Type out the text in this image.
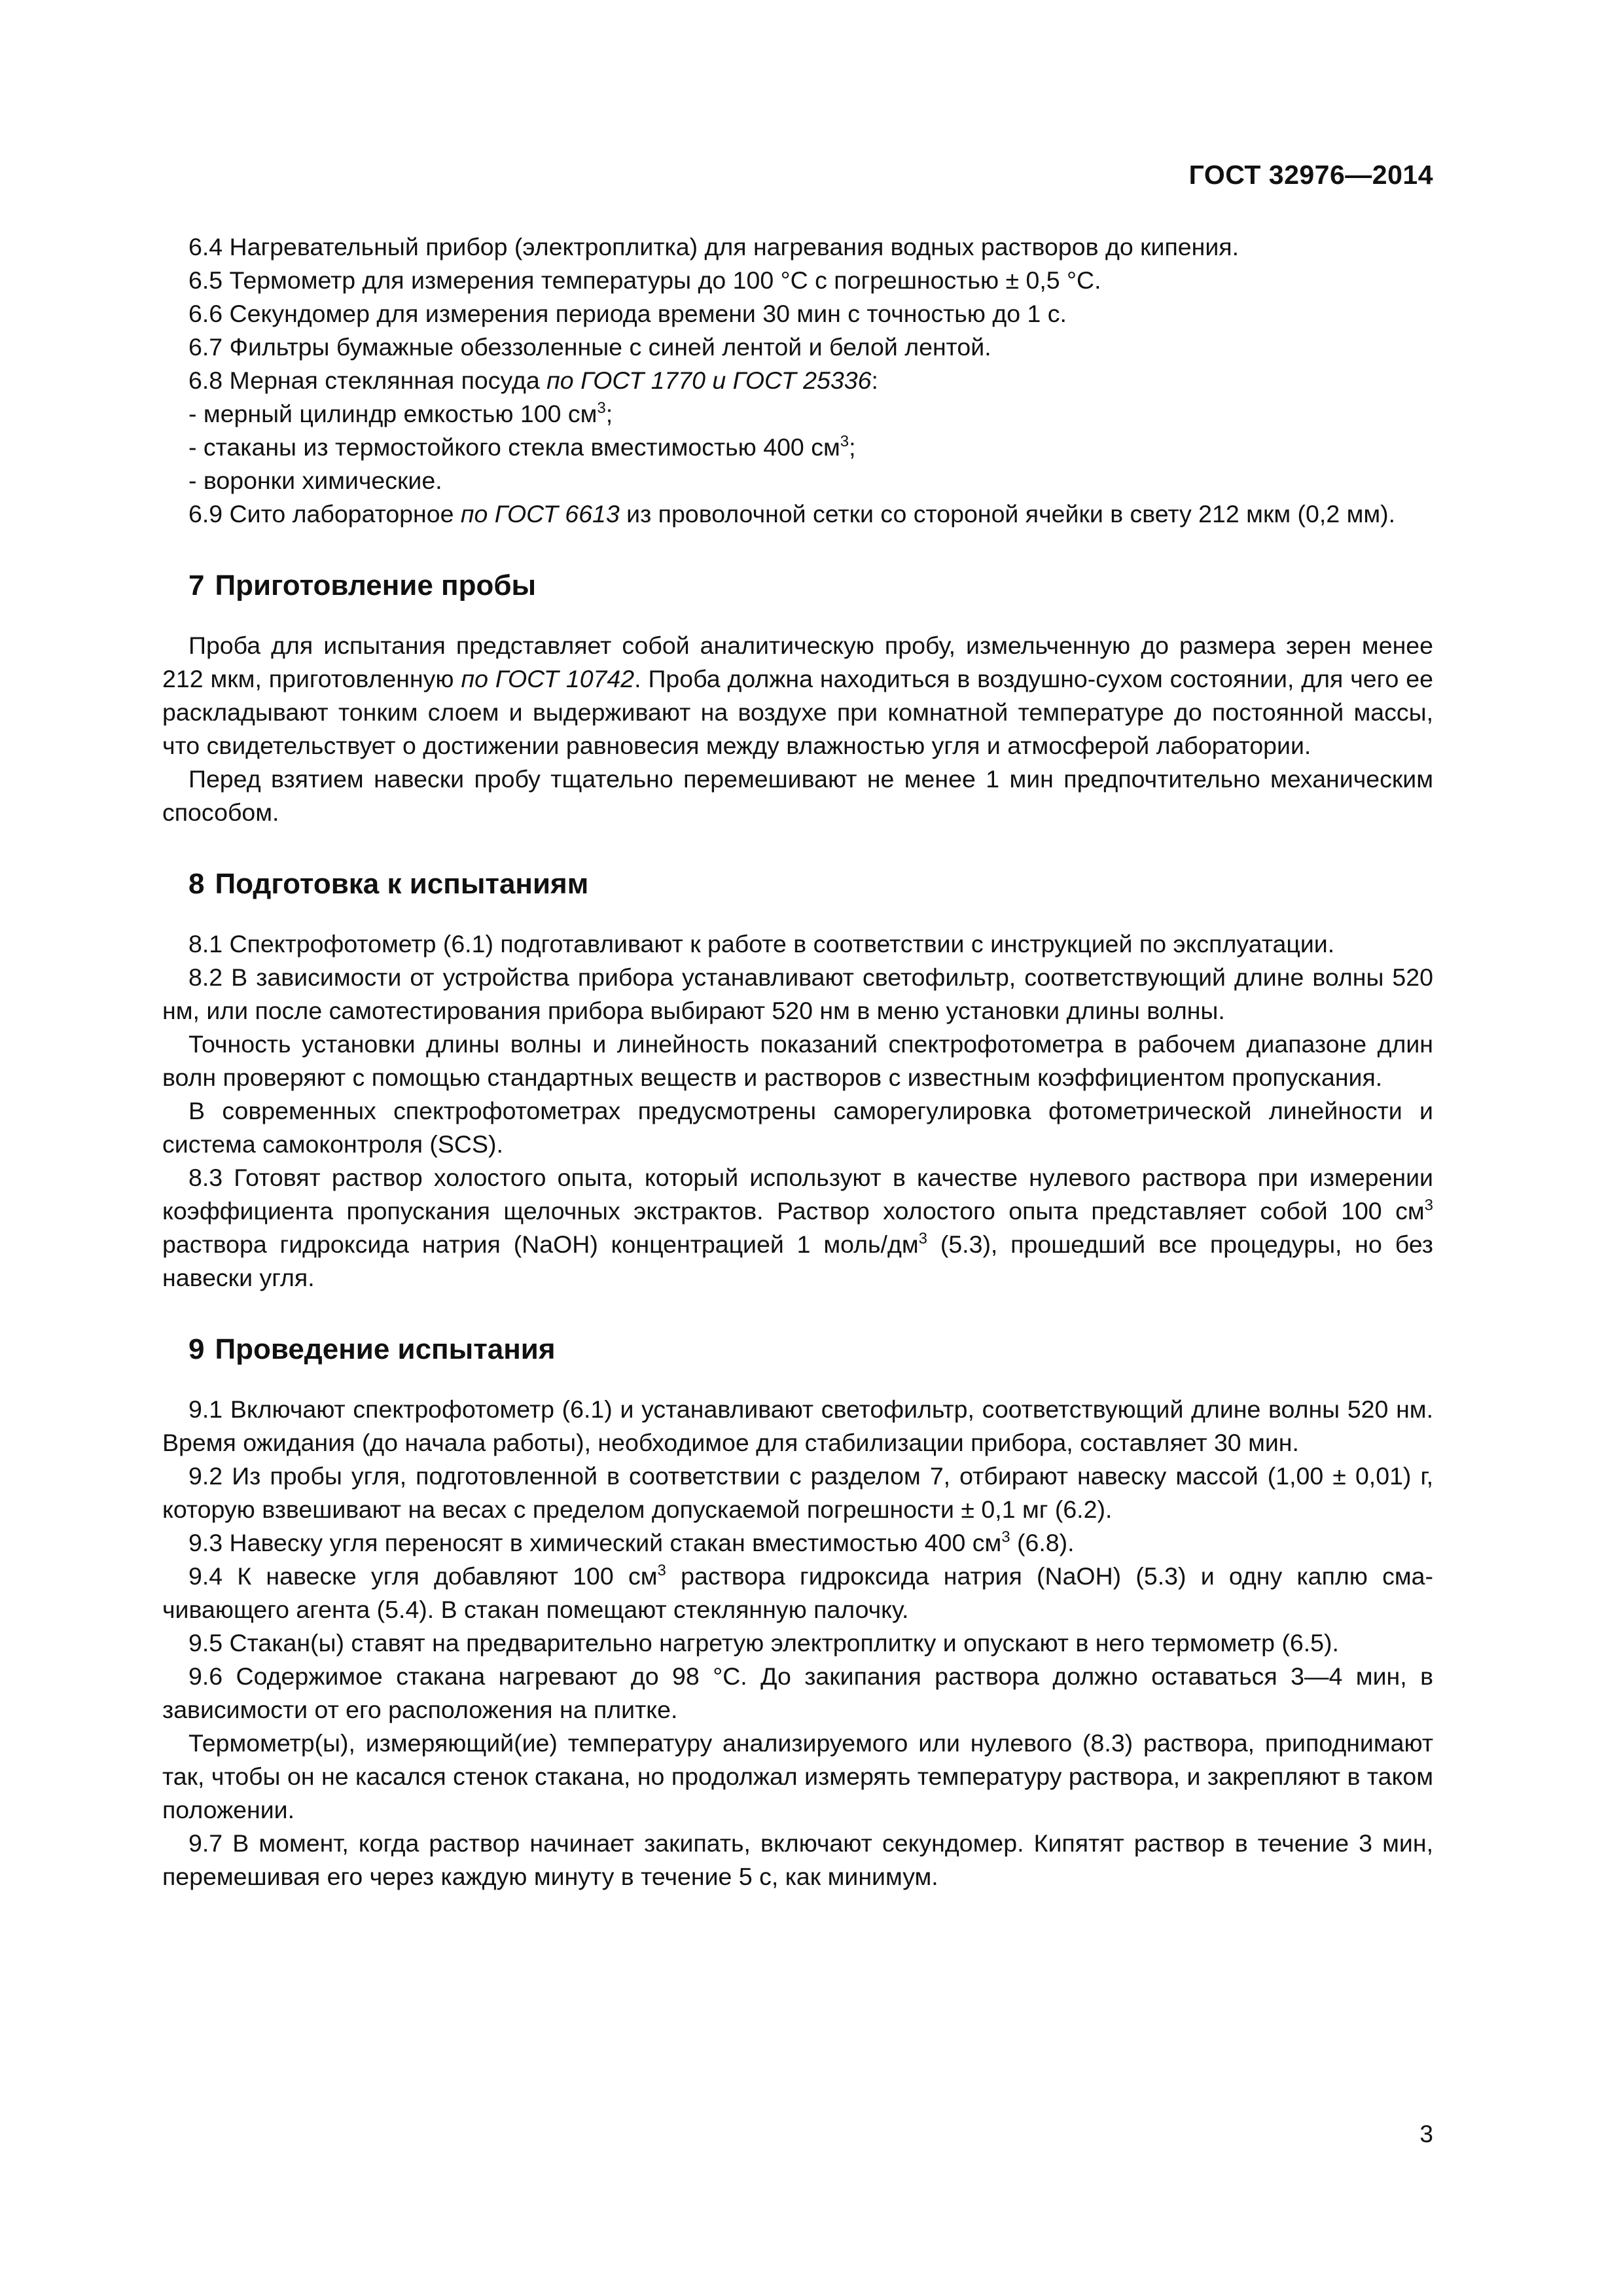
ГОСТ 32976—2014

6.4 Нагревательный прибор (электроплитка) для нагревания водных растворов до кипения.

6.5 Термометр для измерения температуры до 100 °С с погрешностью ± 0,5 °С.

6.6 Секундомер для измерения периода времени 30 мин с точностью до 1 с.

6.7 Фильтры бумажные обеззоленные с синей лентой и белой лентой.

6.8 Мерная стеклянная посуда по ГОСТ 1770 и ГОСТ 25336:

- мерный цилиндр емкостью 100 $см^3$;

- стаканы из термостойкого стекла вместимостью 400 $см^3$;

- воронки химические.

6.9 Сито лабораторное по ГОСТ 6613 из проволочной сетки со стороной ячейки в свету 212 мкм (0,2 мм).

7 Приготовление пробы

Проба для испытания представляет собой аналитическую пробу, измельченную до размера зерен менее 212 мкм, приготовленную по ГОСТ 10742. Проба должна находиться в воздушно-сухом состоянии, для чего ее раскладывают тонким слоем и выдерживают на воздухе при комнатной температуре до постоянной массы, что свидетельствует о достижении равновесия между влажностью угля и атмосферой лаборатории.

Перед взятием навески пробу тщательно перемешивают не менее 1 мин предпочтительно механическим способом.

8 Подготовка к испытаниям

8.1 Спектрофотометр (6.1) подготавливают к работе в соответствии с инструкцией по эксплуатации.

8.2 В зависимости от устройства прибора устанавливают светофильтр, соответствующий длине волны 520 нм, или после самотестирования прибора выбирают 520 нм в меню установки длины волны.

Точность установки длины волны и линейность показаний спектрофотометра в рабочем диапазоне длин волн проверяют с помощью стандартных веществ и растворов с известным коэффициентом пропускания.

В современных спектрофотометрах предусмотрены саморегулировка фотометрической линейности и система самоконтроля (SCS).

8.3 Готовят раствор холостого опыта, который используют в качестве нулевого раствора при измерении коэффициента пропускания щелочных экстрактов. Раствор холостого опыта представляет собой 100 $см^3$ раствора гидроксида натрия (NaOH) концентрацией 1 моль/$дм^3$ (5.3), прошедший все процедуры, но без навески угля.

9 Проведение испытания

9.1 Включают спектрофотометр (6.1) и устанавливают светофильтр, соответствующий длине волны 520 нм. Время ожидания (до начала работы), необходимое для стабилизации прибора, составляет 30 мин.

9.2 Из пробы угля, подготовленной в соответствии с разделом 7, отбирают навеску массой (1,00 ± 0,01) г, которую взвешивают на весах с пределом допускаемой погрешности ± 0,1 мг (6.2).

9.3 Навеску угля переносят в химический стакан вместимостью 400 $см^3$ (6.8).

9.4 К навеске угля добавляют 100 $см^3$ раствора гидроксида натрия (NaOH) (5.3) и одну каплю смачивающего агента (5.4). В стакан помещают стеклянную палочку.

9.5 Стакан(ы) ставят на предварительно нагретую электроплитку и опускают в него термометр (6.5).

9.6 Содержимое стакана нагревают до 98 °С. До закипания раствора должно оставаться 3—4 мин, в зависимости от его расположения на плитке.

Термометр(ы), измеряющий(ие) температуру анализируемого или нулевого (8.3) раствора, приподнимают так, чтобы он не касался стенок стакана, но продолжал измерять температуру раствора, и закрепляют в таком положении.

9.7 В момент, когда раствор начинает закипать, включают секундомер. Кипятят раствор в течение 3 мин, перемешивая его через каждую минуту в течение 5 с, как минимум.

3
